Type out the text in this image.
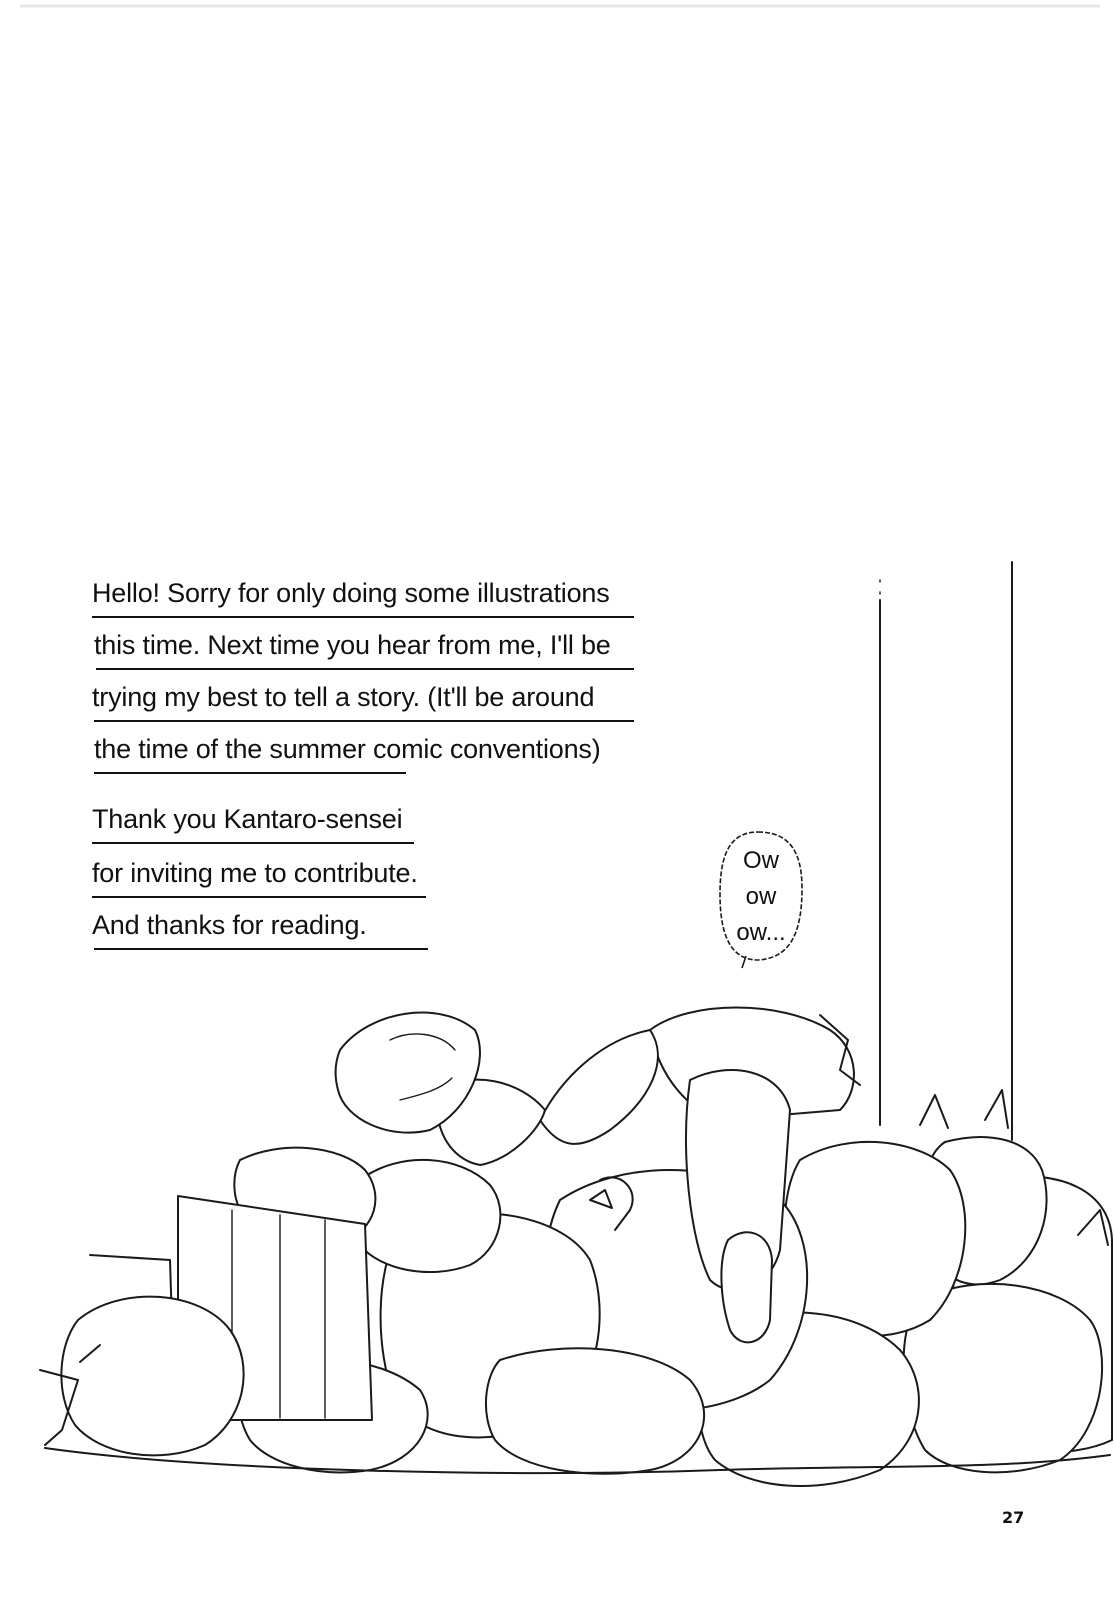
Hello! Sorry for only doing some illustrations
this time. Next time you hear from me, I'll be
trying my best to tell a story. (It'll be around
the time of the summer comic conventions)
Thank you Kantaro-sensei
for inviting me to contribute.
And thanks for reading.
Ow
ow
ow...
27
